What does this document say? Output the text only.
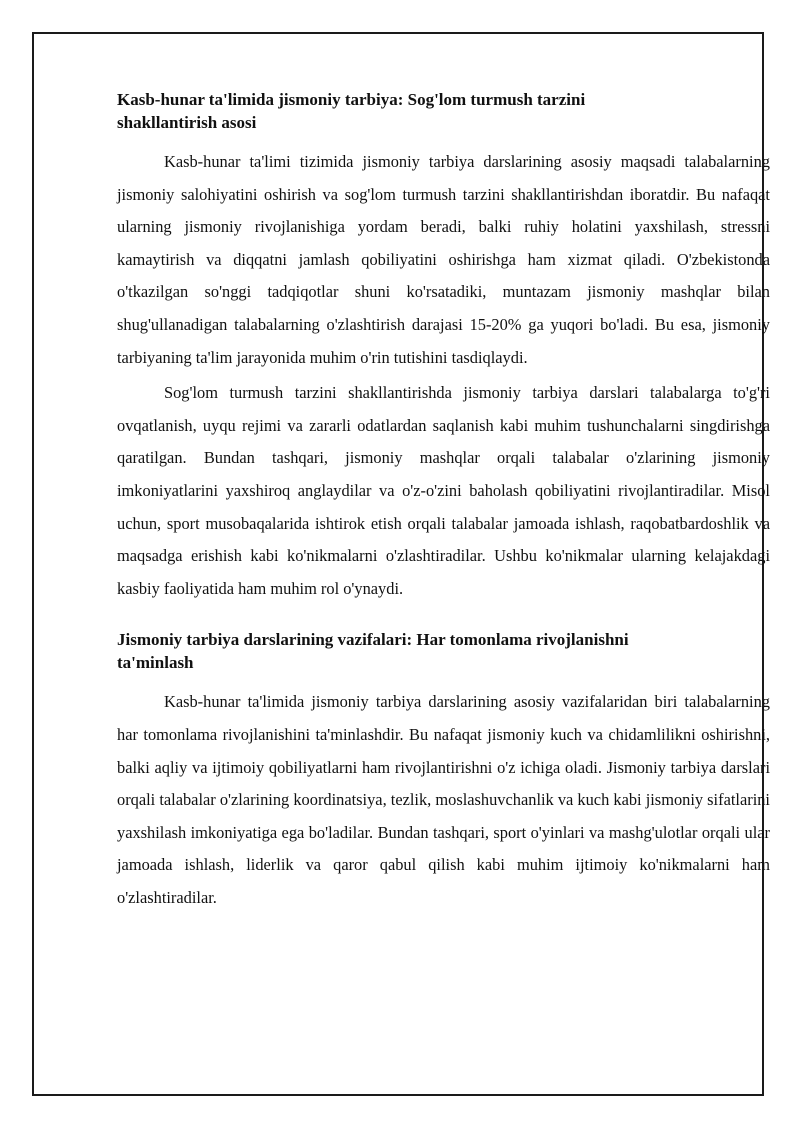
Kasb-hunar ta'limida jismoniy tarbiya: Sog'lom turmush tarzini shakllantirish asosi

Kasb-hunar ta'limi tizimida jismoniy tarbiya darslarining asosiy maqsadi talabalarning jismoniy salohiyatini oshirish va sog'lom turmush tarzini shakllantirishdan iboratdir. Bu nafaqat ularning jismoniy rivojlanishiga yordam beradi, balki ruhiy holatini yaxshilash, stressni kamaytirish va diqqatni jamlash qobiliyatini oshirishga ham xizmat qiladi. O'zbekistonda o'tkazilgan so'nggi tadqiqotlar shuni ko'rsatadiki, muntazam jismoniy mashqlar bilan shug'ullanadigan talabalarning o'zlashtirish darajasi 15-20% ga yuqori bo'ladi. Bu esa, jismoniy tarbiyaning ta'lim jarayonida muhim o'rin tutishini tasdiqlaydi.

Sog'lom turmush tarzini shakllantirishda jismoniy tarbiya darslari talabalarga to'g'ri ovqatlanish, uyqu rejimi va zararli odatlardan saqlanish kabi muhim tushunchalarni singdirishga qaratilgan. Bundan tashqari, jismoniy mashqlar orqali talabalar o'zlarining jismoniy imkoniyatlarini yaxshiroq anglaydilar va o'z-o'zini baholash qobiliyatini rivojlantiradilar. Misol uchun, sport musobaqalarida ishtirok etish orqali talabalar jamoada ishlash, raqobatbardoshlik va maqsadga erishish kabi ko'nikmalarni o'zlashtiradilar. Ushbu ko'nikmalar ularning kelajakdagi kasbiy faoliyatida ham muhim rol o'ynaydi.

Jismoniy tarbiya darslarining vazifalari: Har tomonlama rivojlanishni ta'minlash

Kasb-hunar ta'limida jismoniy tarbiya darslarining asosiy vazifalaridan biri talabalarning har tomonlama rivojlanishini ta'minlashdir. Bu nafaqat jismoniy kuch va chidamlilikni oshirishni, balki aqliy va ijtimoiy qobiliyatlarni ham rivojlantirishni o'z ichiga oladi. Jismoniy tarbiya darslari orqali talabalar o'zlarining koordinatsiya, tezlik, moslashuvchanlik va kuch kabi jismoniy sifatlarini yaxshilash imkoniyatiga ega bo'ladilar. Bundan tashqari, sport o'yinlari va mashg'ulotlar orqali ular jamoada ishlash, liderlik va qaror qabul qilish kabi muhim ijtimoiy ko'nikmalarni ham o'zlashtiradilar.
